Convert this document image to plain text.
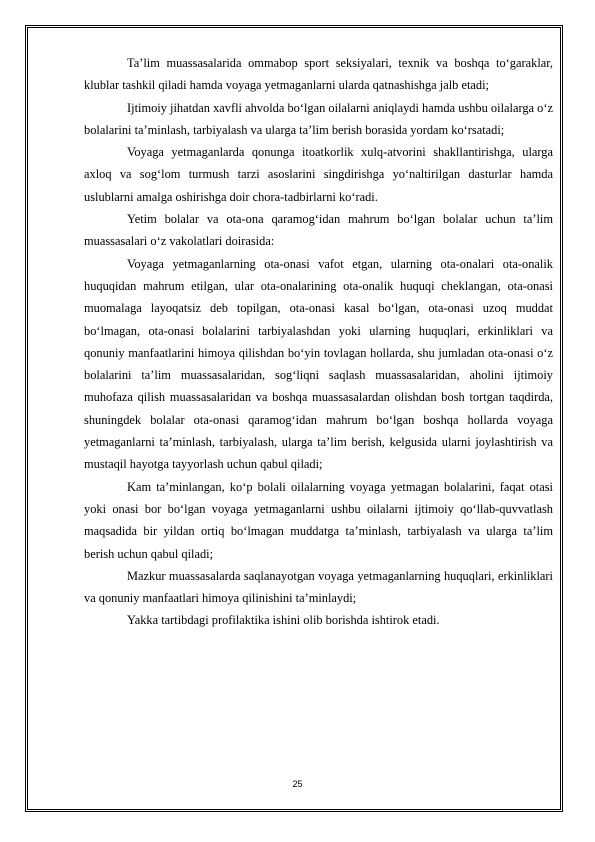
Ta’lim muassasalarida ommabop sport seksiyalari, texnik va boshqa to‘garaklar, klublar tashkil qiladi hamda voyaga yetmaganlarni ularda qatnashishga jalb etadi;

Ijtimoiy jihatdan xavfli ahvolda bo‘lgan oilalarni aniqlaydi hamda ushbu oilalarga o‘z bolalarini ta’minlash, tarbiyalash va ularga ta’lim berish borasida yordam ko‘rsatadi;

Voyaga yetmaganlarda qonunga itoatkorlik xulq-atvorini shakllantirishga, ularga axloq va sog‘lom turmush tarzi asoslarini singdirishga yo‘naltirilgan dasturlar hamda uslublarni amalga oshirishga doir chora-tadbirlarni ko‘radi.

Yetim bolalar va ota-ona qaramog‘idan mahrum bo‘lgan bolalar uchun ta’lim muassasalari o‘z vakolatlari doirasida:

Voyaga yetmaganlarning ota-onasi vafot etgan, ularning ota-onalari ota-onalik huquqidan mahrum etilgan, ular ota-onalarining ota-onalik huquqi cheklangan, ota-onasi muomalaga layoqatsiz deb topilgan, ota-onasi kasal bo‘lgan, ota-onasi uzoq muddat bo‘lmagan, ota-onasi bolalarini tarbiyalashdan yoki ularning huquqlari, erkinliklari va qonuniy manfaatlarini himoya qilishdan bo‘yin tovlagan hollarda, shu jumladan ota-onasi o‘z bolalarini ta’lim muassasalaridan, sog‘liqni saqlash muassasalaridan, aholini ijtimoiy muhofaza qilish muassasalaridan va boshqa muassasalardan olishdan bosh tortgan taqdirda, shuningdek bolalar ota-onasi qaramog‘idan mahrum bo‘lgan boshqa hollarda voyaga yetmaganlarni ta’minlash, tarbiyalash, ularga ta’lim berish, kelgusida ularni joylashtirish va mustaqil hayotga tayyorlash uchun qabul qiladi;

Kam ta’minlangan, ko‘p bolali oilalarning voyaga yetmagan bolalarini, faqat otasi yoki onasi bor bo‘lgan voyaga yetmaganlarni ushbu oilalarni ijtimoiy qo‘llab-quvvatlash maqsadida bir yildan ortiq bo‘lmagan muddatga ta’minlash, tarbiyalash va ularga ta’lim berish uchun qabul qiladi;

Mazkur muassasalarda saqlanayotgan voyaga yetmaganlarning huquqlari, erkinliklari va qonuniy manfaatlari himoya qilinishini ta’minlaydi;

Yakka tartibdagi profilaktika ishini olib borishda ishtirok etadi.

25
